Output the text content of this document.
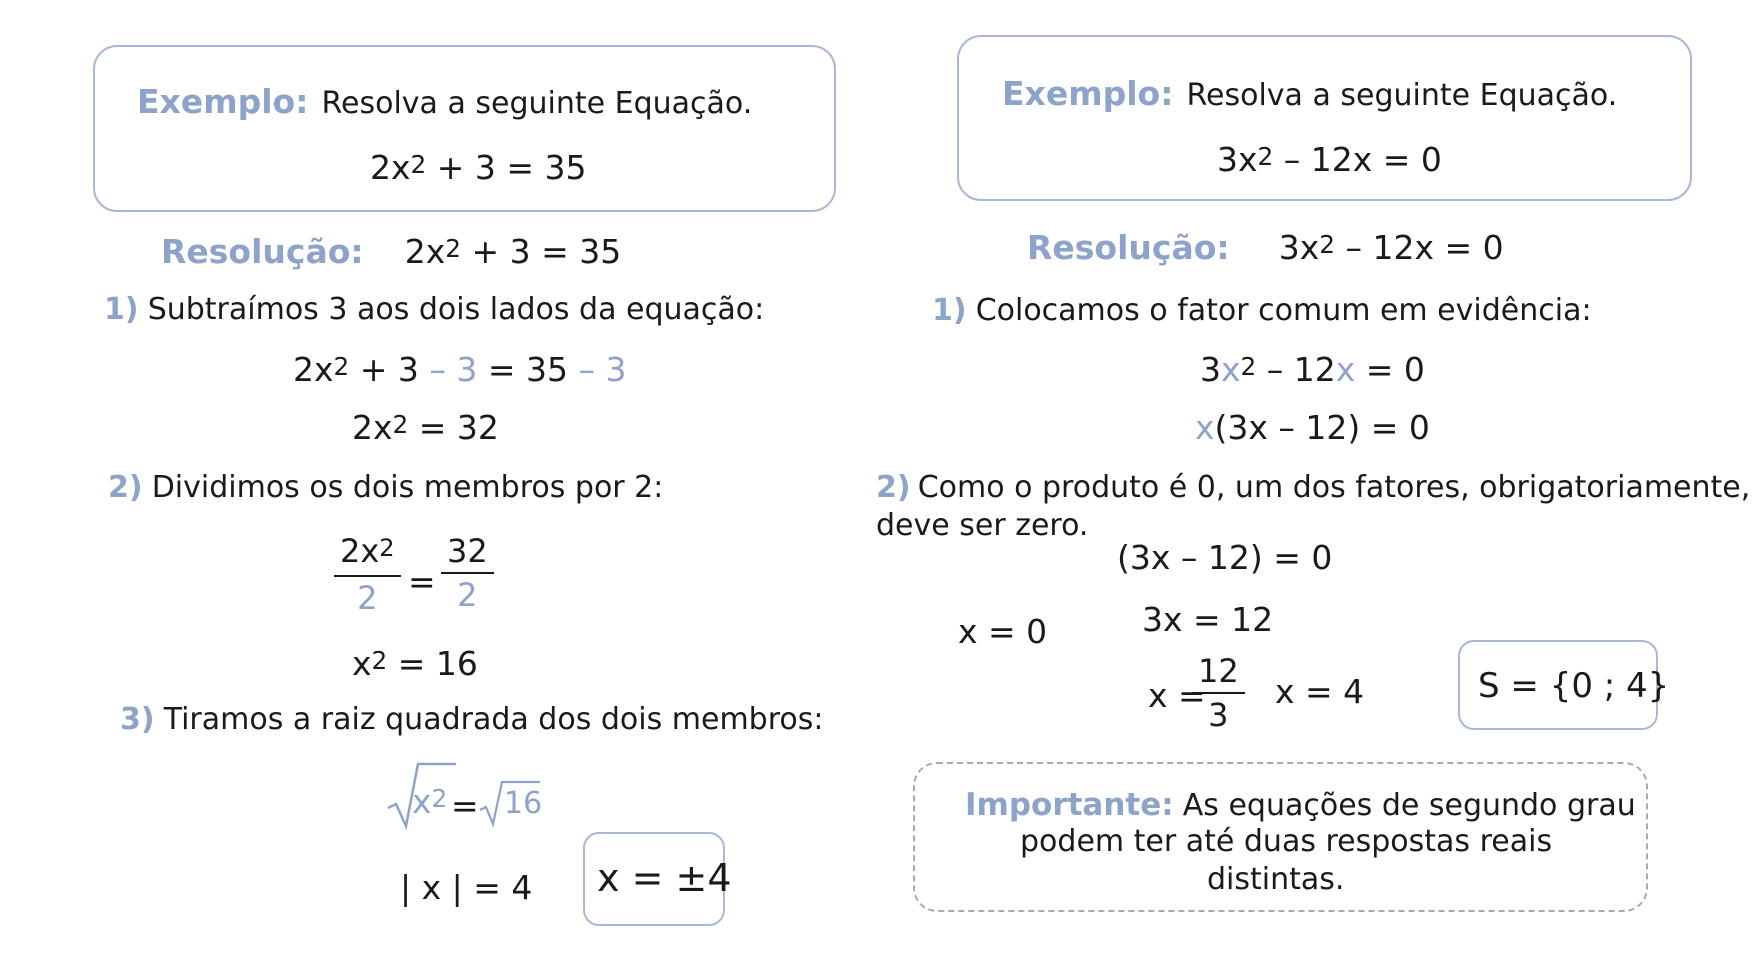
Exemplo: Resolva a seguinte Equação.
$2x^2 + 3 = 35$
Resolução: $2x^2 + 3 = 35$
1) Subtraímos 3 aos dois lados da equação:
$2x^2 + 3 - 3 = 35 - 3$
$2x^2 = 32$
2) Dividimos os dois membros por 2:
$\frac{2x^2}{2} = \frac{32}{2}$
$x^2 = 16$
3) Tiramos a raiz quadrada dos dois membros:
$x^2 = 16$
| x | = 4 x = ±4
Exemplo: Resolva a seguinte Equação.
$3x^2 - 12x = 0$
Resolução: $3x^2 - 12x = 0$
1) Colocamos o fator comum em evidência:
$3x^2 - 12x = 0$
x(3x – 12) = 0
2) Como o produto é 0, um dos fatores, obrigatoriamente,
deve ser zero.
(3x – 12) = 0
x = 0	3x = 12
x =
$\frac{12}{3}$ x = 4	S = {0 ; 4}
Importante: As equações de segundo grau
podem ter até duas respostas reais
distintas.
